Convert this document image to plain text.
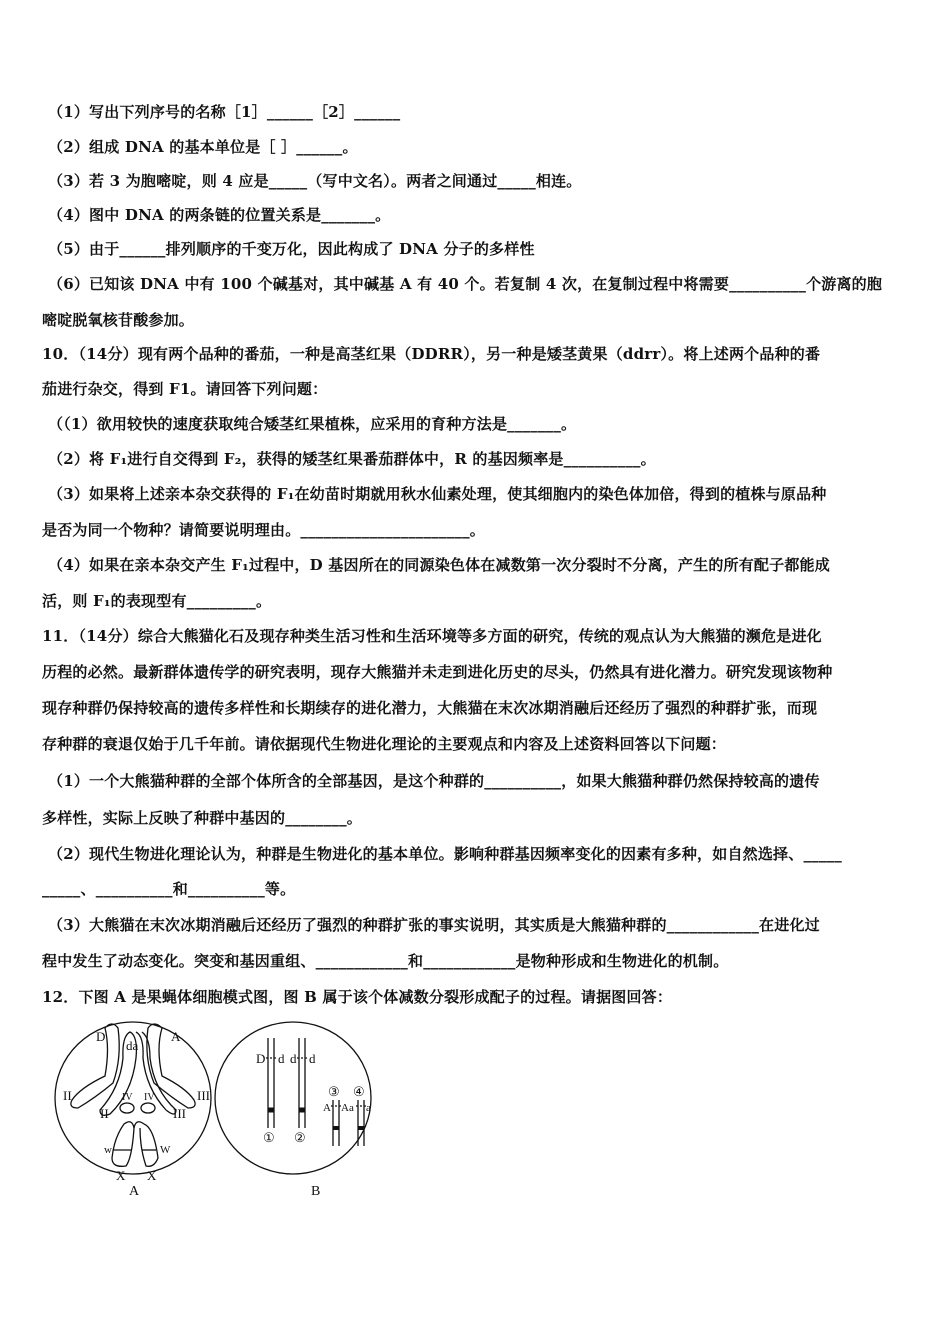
（1）写出下列序号的名称［1］______［2］______
（2）组成 DNA 的基本单位是［ ］______。
（3）若 3 为胞嘧啶，则 4 应是_____（写中文名）。两者之间通过_____相连。
（4）图中 DNA 的两条链的位置关系是_______。
（5）由于______排列顺序的千变万化，因此构成了 DNA 分子的多样性
（6）已知该 DNA 中有 100 个碱基对，其中碱基 A 有 40 个。若复制 4 次，在复制过程中将需要__________个游离的胞
嘧啶脱氧核苷酸参加。
10．（14分）现有两个品种的番茄，一种是高茎红果（DDRR），另一种是矮茎黄果（ddrr）。将上述两个品种的番
茄进行杂交，得到 F1。请回答下列问题：
（（1）欲用较快的速度获取纯合矮茎红果植株，应采用的育种方法是_______。
（2）将 F₁进行自交得到 F₂，获得的矮茎红果番茄群体中，R 的基因频率是__________。
（3）如果将上述亲本杂交获得的 F₁在幼苗时期就用秋水仙素处理，使其细胞内的染色体加倍，得到的植株与原品种
是否为同一个物种？请简要说明理由。______________________。
（4）如果在亲本杂交产生 F₁过程中，D 基因所在的同源染色体在减数第一次分裂时不分离，产生的所有配子都能成
活，则 F₁的表现型有_________。
11．（14分）综合大熊猫化石及现存种类生活习性和生活环境等多方面的研究，传统的观点认为大熊猫的濒危是进化
历程的必然。最新群体遗传学的研究表明，现存大熊猫并未走到进化历史的尽头，仍然具有进化潜力。研究发现该物种
现存种群仍保持较高的遗传多样性和长期续存的进化潜力，大熊猫在末次冰期消融后还经历了强烈的种群扩张，而现
存种群的衰退仅始于几千年前。请依据现代生物进化理论的主要观点和内容及上述资料回答以下问题：
（1）一个大熊猫种群的全部个体所含的全部基因，是这个种群的__________，如果大熊猫种群仍然保持较高的遗传
多样性，实际上反映了种群中基因的________。
（2）现代生物进化理论认为，种群是生物进化的基本单位。影响种群基因频率变化的因素有多种，如自然选择、_____
_____、__________和__________等。
（3）大熊猫在末次冰期消融后还经历了强烈的种群扩张的事实说明，其实质是大熊猫种群的____________在进化过
程中发生了动态变化。突变和基因重组、____________和____________是物种形成和生物进化的机制。
12．下图 A 是果蝇体细胞模式图，图 B 属于该个体减数分裂形成配子的过程。请据图回答：
D
da
A
II
II
IV IV
III
III
w	W
X X
A
D d d d
① ②
③ ④
A Aa a
B
